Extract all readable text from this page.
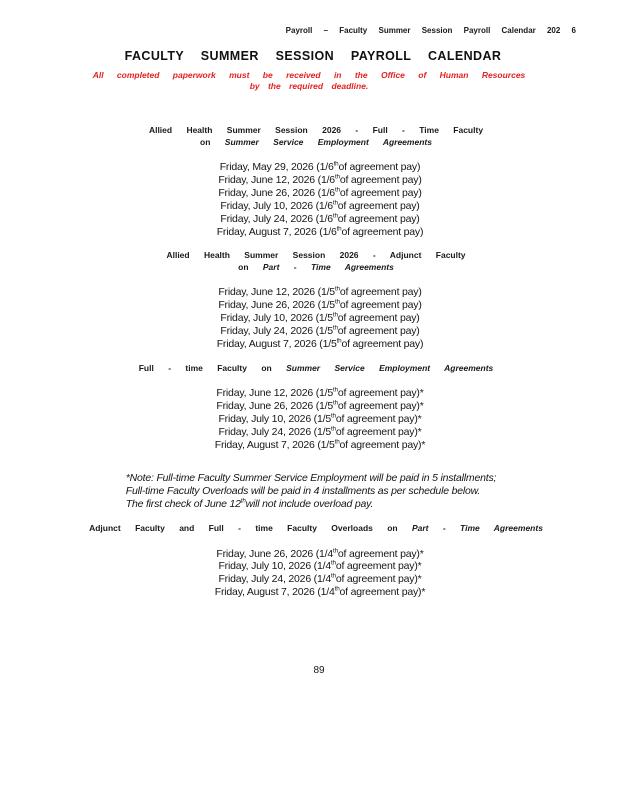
Payroll – Faculty Summer Session Payroll Calendar 202 6
FACULTY SUMMER SESSION PAYROLL CALENDAR
All completed paperwork must be received in the Office of Human Resources
by the required deadline.
Allied Health Summer Session 2026 - Full - Time Faculty
on Summer Service Employment Agreements
Friday, May 29, 2026 (1/6thof agreement pay)
Friday, June 12, 2026 (1/6thof agreement pay)
Friday, June 26, 2026 (1/6thof agreement pay)
Friday, July 10, 2026 (1/6thof agreement pay)
Friday, July 24, 2026 (1/6thof agreement pay)
Friday, August 7, 2026 (1/6thof agreement pay)
Allied Health Summer Session 2026 - Adjunct Faculty
on Part - Time Agreements
Friday, June 12, 2026 (1/5thof agreement pay)
Friday, June 26, 2026 (1/5thof agreement pay)
Friday, July 10, 2026 (1/5thof agreement pay)
Friday, July 24, 2026 (1/5thof agreement pay)
Friday, August 7, 2026 (1/5thof agreement pay)
Full - time Faculty on Summer Service Employment Agreements
Friday, June 12, 2026 (1/5thof agreement pay)*
Friday, June 26, 2026 (1/5thof agreement pay)*
Friday, July 10, 2026 (1/5thof agreement pay)*
Friday, July 24, 2026 (1/5thof agreement pay)*
Friday, August 7, 2026 (1/5thof agreement pay)*
*Note: Full-time Faculty Summer Service Employment will be paid in 5 installments;
Full-time Faculty Overloads will be paid in 4 installments as per schedule below.
The first check of June 12thwill not include overload pay.
Adjunct Faculty and Full - time Faculty Overloads on Part - Time Agreements
Friday, June 26, 2026 (1/4thof agreement pay)*
Friday, July 10, 2026 (1/4thof agreement pay)*
Friday, July 24, 2026 (1/4thof agreement pay)*
Friday, August 7, 2026 (1/4thof agreement pay)*
89
